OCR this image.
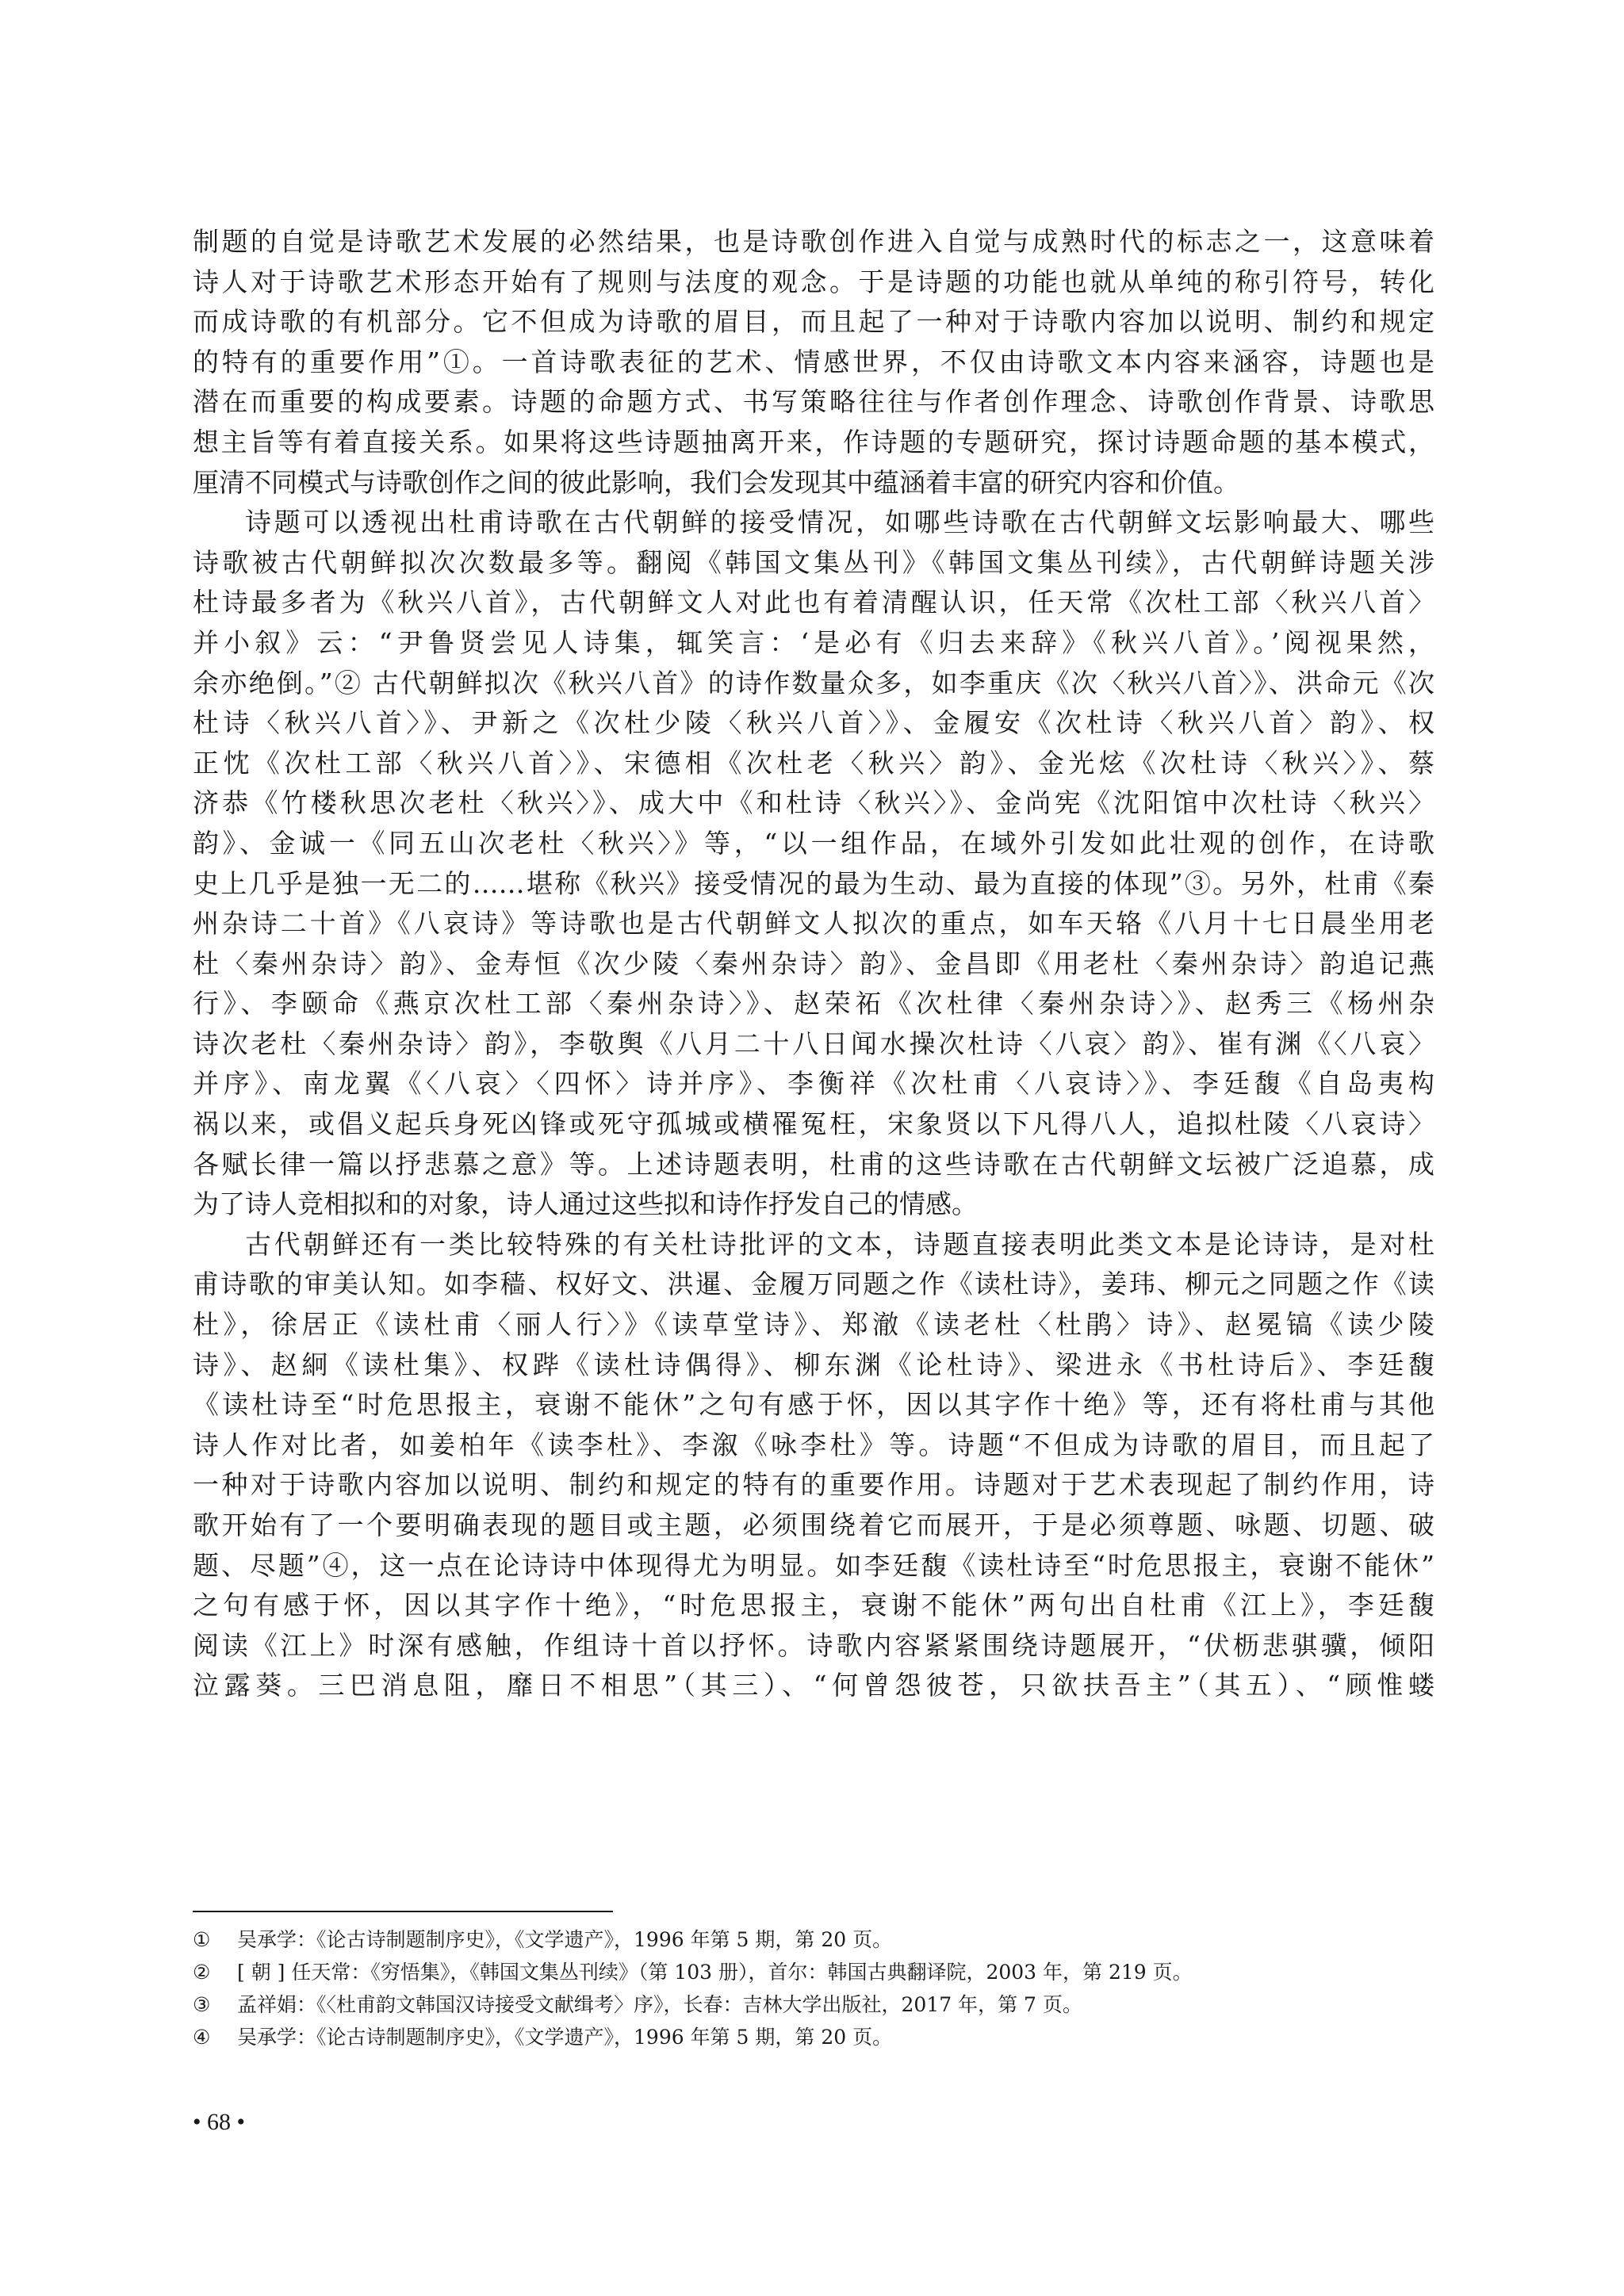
制题的自觉是诗歌艺术发展的必然结果，也是诗歌创作进入自觉与成熟时代的标志之一，这意味着
诗人对于诗歌艺术形态开始有了规则与法度的观念。于是诗题的功能也就从单纯的称引符号，转化
而成诗歌的有机部分。它不但成为诗歌的眉目，而且起了一种对于诗歌内容加以说明、制约和规定
的特有的重要作用”①。一首诗歌表征的艺术、情感世界，不仅由诗歌文本内容来涵容，诗题也是
潜在而重要的构成要素。诗题的命题方式、书写策略往往与作者创作理念、诗歌创作背景、诗歌思
想主旨等有着直接关系。如果将这些诗题抽离开来，作诗题的专题研究，探讨诗题命题的基本模式，
厘清不同模式与诗歌创作之间的彼此影响，我们会发现其中蕴涵着丰富的研究内容和价值。
诗题可以透视出杜甫诗歌在古代朝鲜的接受情况，如哪些诗歌在古代朝鲜文坛影响最大、哪些
诗歌被古代朝鲜拟次次数最多等。翻阅《韩国文集丛刊》《韩国文集丛刊续》，古代朝鲜诗题关涉
杜诗最多者为《秋兴八首》，古代朝鲜文人对此也有着清醒认识，任天常《次杜工部〈秋兴八首〉
并小叙》云：“尹鲁贤尝见人诗集，辄笑言：‘是必有《归去来辞》《秋兴八首》。’阅视果然，
余亦绝倒。”② 古代朝鲜拟次《秋兴八首》的诗作数量众多，如李重庆《次〈秋兴八首〉》、洪命元《次
杜诗〈秋兴八首〉》、尹新之《次杜少陵〈秋兴八首〉》、金履安《次杜诗〈秋兴八首〉韵》、权
正忱《次杜工部〈秋兴八首〉》、宋德相《次杜老〈秋兴〉韵》、金光炫《次杜诗〈秋兴〉》、蔡
济恭《竹楼秋思次老杜〈秋兴〉》、成大中《和杜诗〈秋兴〉》、金尚宪《沈阳馆中次杜诗〈秋兴〉
韵》、金诚一《同五山次老杜〈秋兴〉》等，“以一组作品，在域外引发如此壮观的创作，在诗歌
史上几乎是独一无二的……堪称《秋兴》接受情况的最为生动、最为直接的体现”③。另外，杜甫《秦
州杂诗二十首》《八哀诗》等诗歌也是古代朝鲜文人拟次的重点，如车天辂《八月十七日晨坐用老
杜〈秦州杂诗〉韵》、金寿恒《次少陵〈秦州杂诗〉韵》、金昌即《用老杜〈秦州杂诗〉韵追记燕
行》、李颐命《燕京次杜工部〈秦州杂诗〉》、赵荣祏《次杜律〈秦州杂诗〉》、赵秀三《杨州杂
诗次老杜〈秦州杂诗〉韵》，李敬舆《八月二十八日闻水操次杜诗〈八哀〉韵》、崔有渊《〈八哀〉
并序》、南龙翼《〈八哀〉〈四怀〉诗并序》、李衡祥《次杜甫〈八哀诗〉》、李廷馥《自岛夷构
祸以来，或倡义起兵身死凶锋或死守孤城或横罹冤枉，宋象贤以下凡得八人，追拟杜陵〈八哀诗〉
各赋长律一篇以抒悲慕之意》等。上述诗题表明，杜甫的这些诗歌在古代朝鲜文坛被广泛追慕，成
为了诗人竞相拟和的对象，诗人通过这些拟和诗作抒发自己的情感。
古代朝鲜还有一类比较特殊的有关杜诗批评的文本，诗题直接表明此类文本是论诗诗，是对杜
甫诗歌的审美认知。如李穑、权好文、洪暹、金履万同题之作《读杜诗》，姜玮、柳元之同题之作《读
杜》，徐居正《读杜甫〈丽人行〉》《读草堂诗》、郑澈《读老杜〈杜鹃〉诗》、赵冕镐《读少陵
诗》、赵絅《读杜集》、权跸《读杜诗偶得》、柳东渊《论杜诗》、梁进永《书杜诗后》、李廷馥
《读杜诗至“时危思报主，衰谢不能休”之句有感于怀，因以其字作十绝》等，还有将杜甫与其他
诗人作对比者，如姜柏年《读李杜》、李溆《咏李杜》等。诗题“不但成为诗歌的眉目，而且起了
一种对于诗歌内容加以说明、制约和规定的特有的重要作用。诗题对于艺术表现起了制约作用，诗
歌开始有了一个要明确表现的题目或主题，必须围绕着它而展开，于是必须尊题、咏题、切题、破
题、尽题”④，这一点在论诗诗中体现得尤为明显。如李廷馥《读杜诗至“时危思报主，衰谢不能休”
之句有感于怀，因以其字作十绝》，“时危思报主，衰谢不能休”两句出自杜甫《江上》，李廷馥
阅读《江上》时深有感触，作组诗十首以抒怀。诗歌内容紧紧围绕诗题展开，“伏枥悲骐骥，倾阳
泣露葵。三巴消息阻，靡日不相思”（其三）、“何曾怨彼苍，只欲扶吾主”（其五）、“顾惟蝼
①	吴承学：《论古诗制题制序史》，《文学遗产》，1996 年第 5 期，第 20 页。
②	[ 朝 ] 任天常：《穷悟集》，《韩国文集丛刊续》（第 103 册），首尔：韩国古典翻译院，2003 年，第 219 页。
③	孟祥娟：《〈杜甫韵文韩国汉诗接受文献缉考〉序》，长春：吉林大学出版社，2017 年，第 7 页。
④	吴承学：《论古诗制题制序史》，《文学遗产》，1996 年第 5 期，第 20 页。
• 68 •
